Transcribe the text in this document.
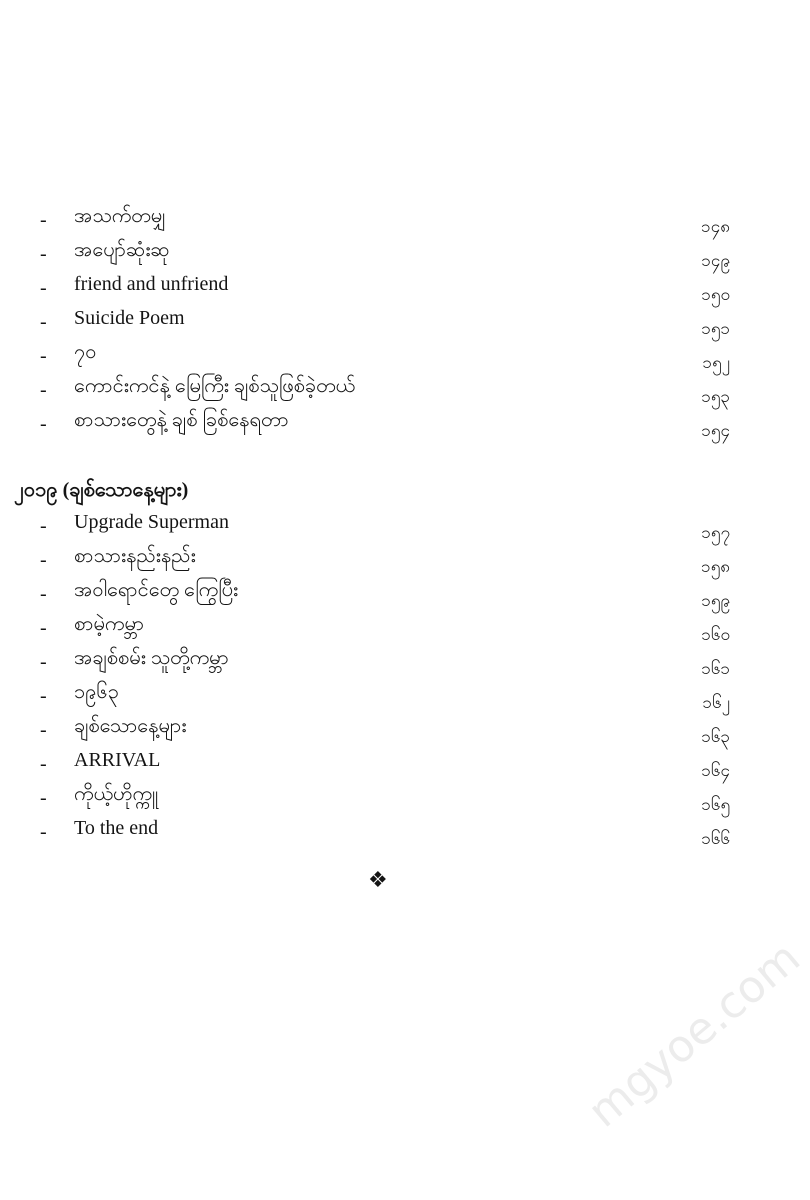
- အသက်တမျှ	၁၄၈
- အပျော်ဆုံးဆု	၁၄၉
- friend and unfriend	၁၅၀
- Suicide Poem	၁၅၁
- ၇၀	၁၅၂
- ကောင်းကင်နဲ့ မြေကြီး ချစ်သူဖြစ်ခဲ့တယ်	၁၅၃
- စာသားတွေနဲ့ ချစ် ခြစ်နေရတာ	၁၅၄
၂၀၁၉ (ချစ်သောနေ့များ)
- Upgrade Superman	၁၅၇
- စာသားနည်းနည်း	၁၅၈
- အဝါရောင်တွေ ကြွေပြီး	၁၅၉
- စာမဲ့ကမ္ဘာ	၁၆၀
- အချစ်စမ်း သူတို့ကမ္ဘာ	၁၆၁
- ၁၉၆၃	၁၆၂
- ချစ်သောနေ့များ	၁၆၃
- ARRIVAL	၁၆၄
- ကိုယ့်ဟိုက္ကူ	၁၆၅
- To the end	၁၆၆
❖
mgyoe.com
